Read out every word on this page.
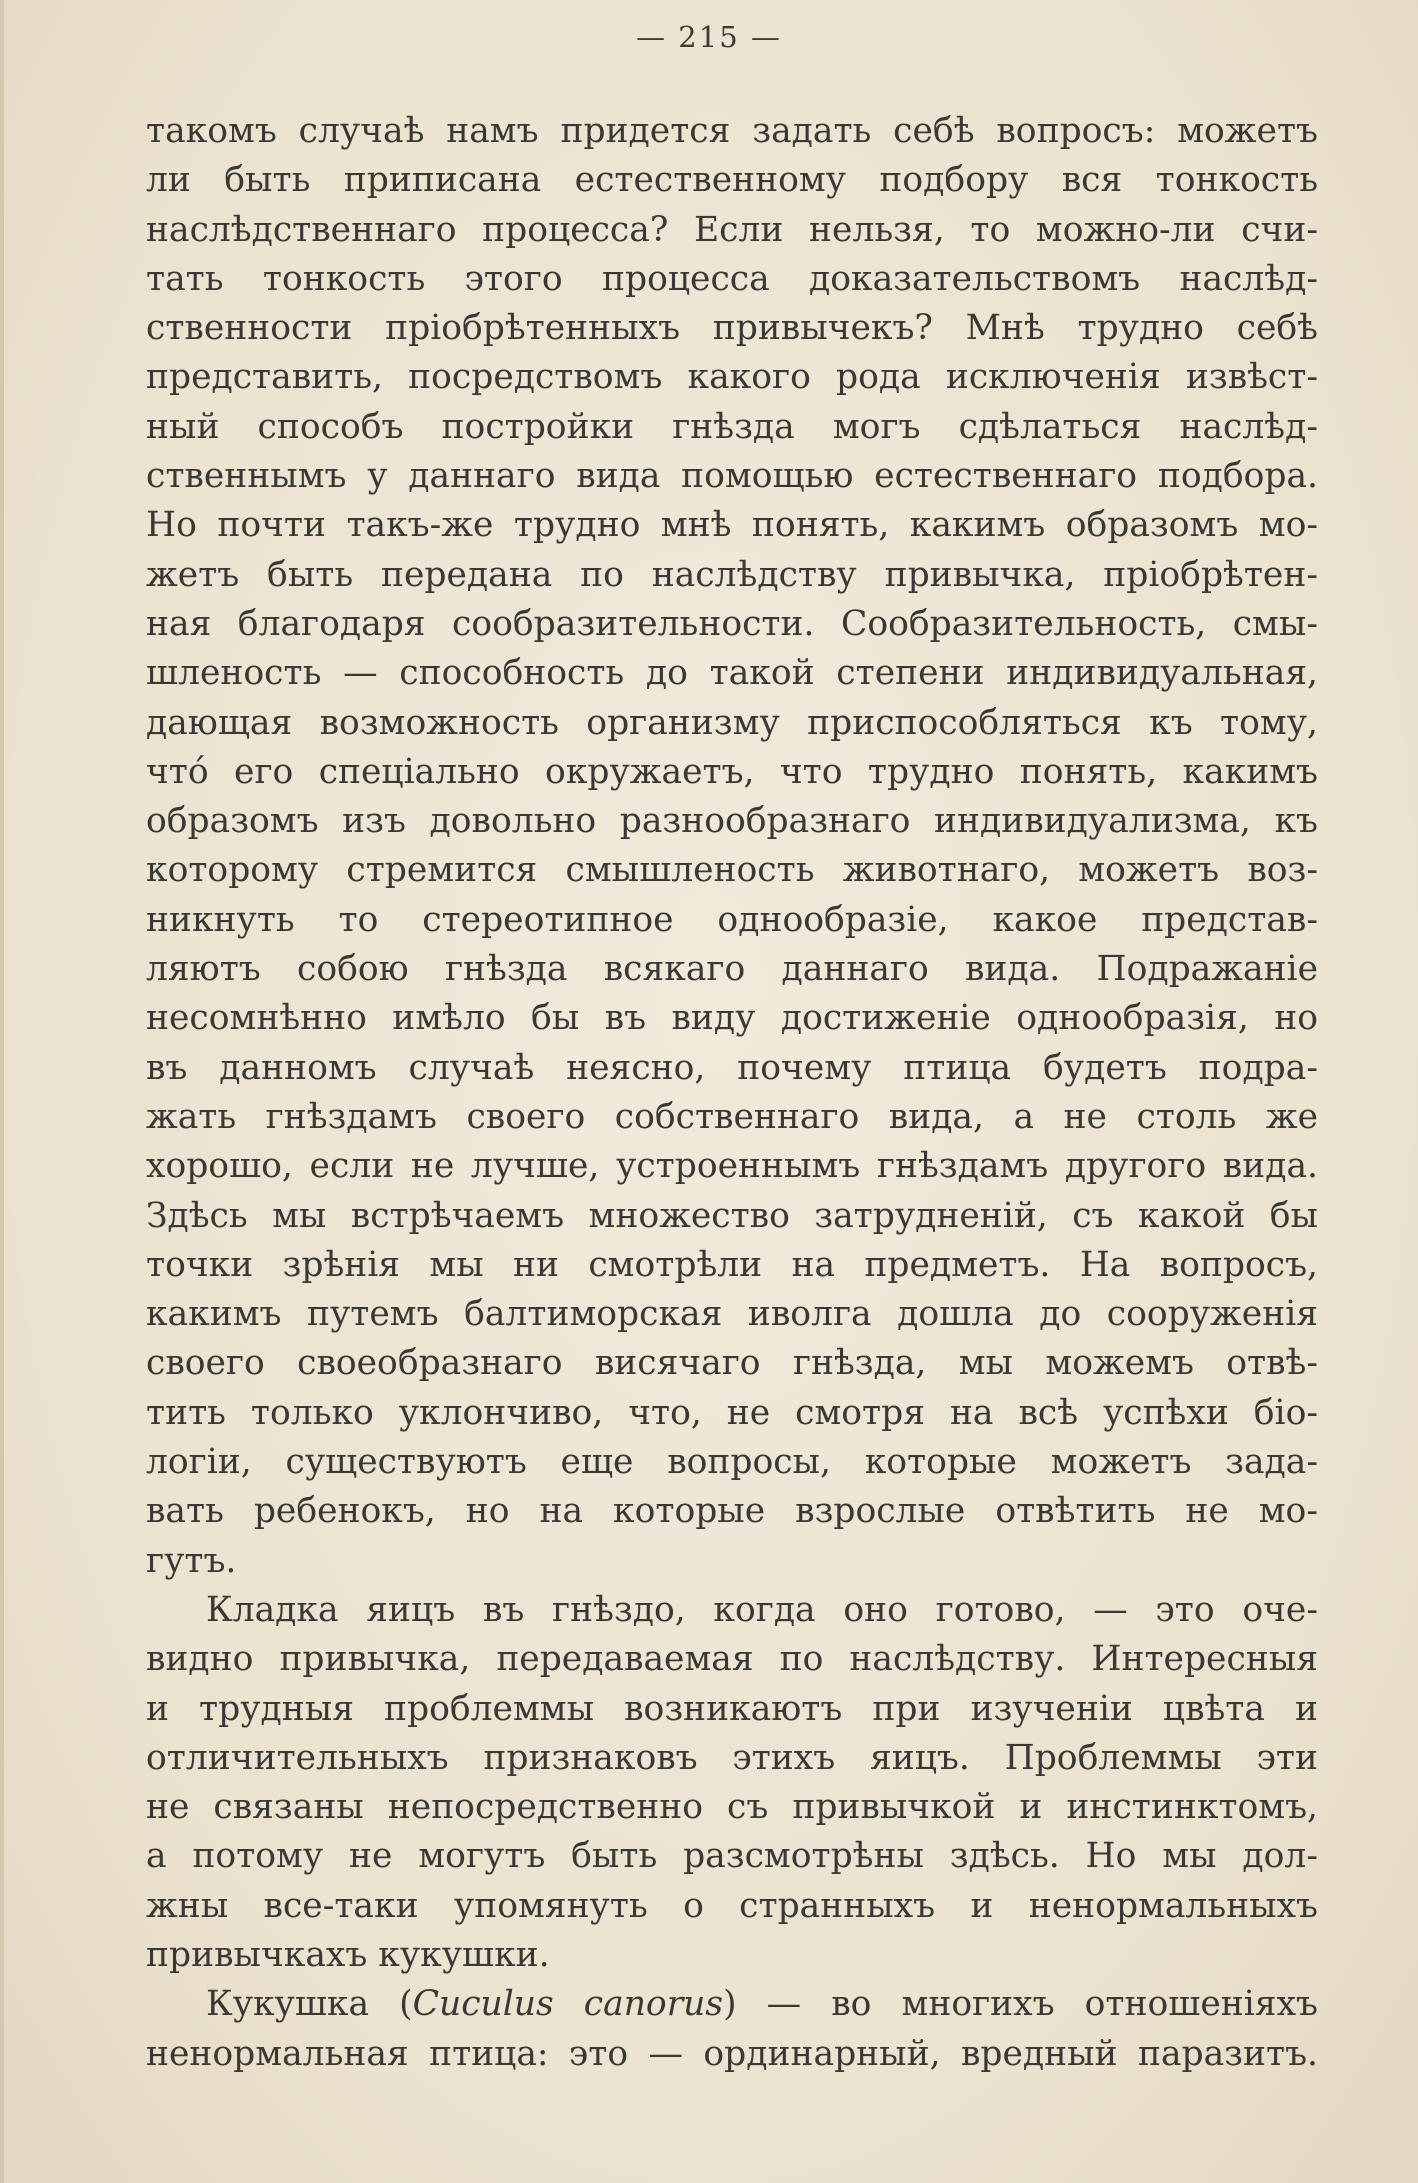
— 215 —
такомъ случаѣ намъ придется задать себѣ вопросъ: можетъ
ли быть приписана естественному подбору вся тонкость
наслѣдственнаго процесса? Если нельзя, то можно-ли счи-
тать тонкость этого процесса доказательствомъ наслѣд-
ственности пріобрѣтенныхъ привычекъ? Мнѣ трудно себѣ
представить, посредствомъ какого рода исключенія извѣст-
ный способъ постройки гнѣзда могъ сдѣлаться наслѣд-
ственнымъ у даннаго вида помощью естественнаго подбора.
Но почти такъ-же трудно мнѣ понять, какимъ образомъ мо-
жетъ быть передана по наслѣдству привычка, пріобрѣтен-
ная благодаря сообразительности. Сообразительность, смы-
шленость — способность до такой степени индивидуальная,
дающая возможность организму приспособляться къ тому,
что́ его спеціально окружаетъ, что трудно понять, какимъ
образомъ изъ довольно разнообразнаго индивидуализма, къ
которому стремится смышленость животнаго, можетъ воз-
никнуть то стереотипное однообразіе, какое представ-
ляютъ собою гнѣзда всякаго даннаго вида. Подражаніе
несомнѣнно имѣло бы въ виду достиженіе однообразія, но
въ данномъ случаѣ неясно, почему птица будетъ подра-
жать гнѣздамъ своего собственнаго вида, а не столь же
хорошо, если не лучше, устроеннымъ гнѣздамъ другого вида.
Здѣсь мы встрѣчаемъ множество затрудненій, съ какой бы
точки зрѣнія мы ни смотрѣли на предметъ. На вопросъ,
какимъ путемъ балтиморская иволга дошла до сооруженія
своего своеобразнаго висячаго гнѣзда, мы можемъ отвѣ-
тить только уклончиво, что, не смотря на всѣ успѣхи біо-
логіи, существуютъ еще вопросы, которые можетъ зада-
вать ребенокъ, но на которые взрослые отвѣтить не мо-
гутъ.
Кладка яицъ въ гнѣздо, когда оно готово, — это оче-
видно привычка, передаваемая по наслѣдству. Интересныя
и трудныя проблеммы возникаютъ при изученіи цвѣта и
отличительныхъ признаковъ этихъ яицъ. Проблеммы эти
не связаны непосредственно съ привычкой и инстинктомъ,
а потому не могутъ быть разсмотрѣны здѣсь. Но мы дол-
жны все-таки упомянуть о странныхъ и ненормальныхъ
привычкахъ кукушки.
Кукушка (Cuculus canorus) — во многихъ отношеніяхъ
ненормальная птица: это — ординарный, вредный паразитъ.
